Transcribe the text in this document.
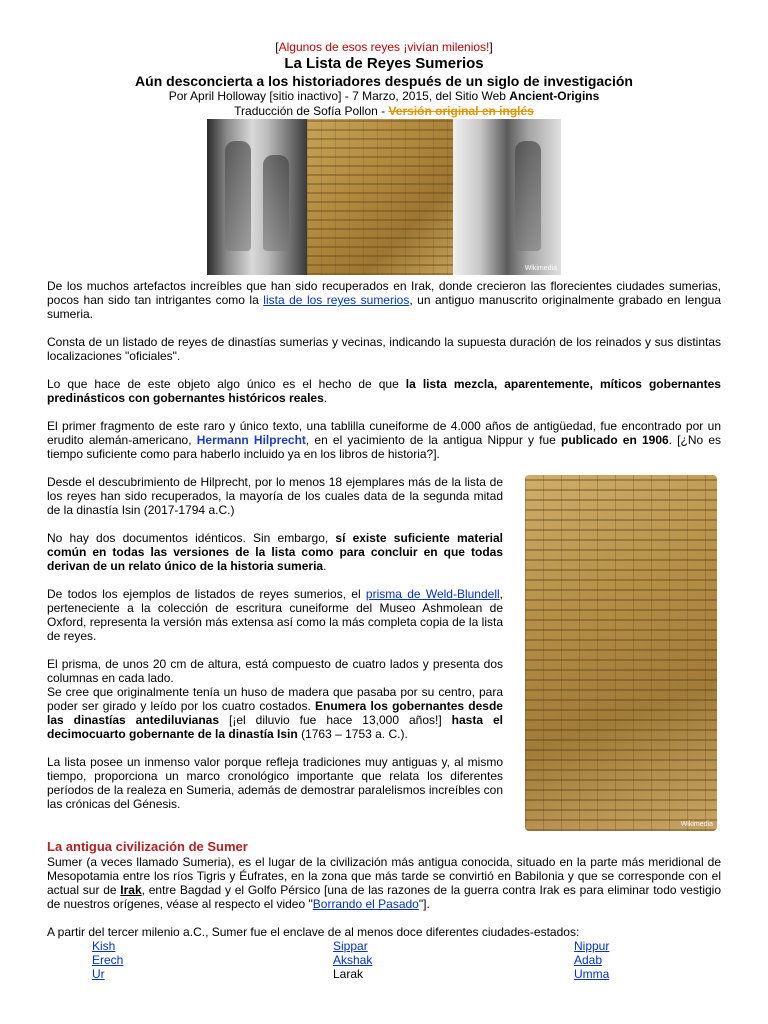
[Algunos de esos reyes ¡vivían milenios!]
La Lista de Reyes Sumerios
Aún desconcierta a los historiadores después de un siglo de investigación
Por April Holloway [sitio inactivo] - 7 Marzo, 2015, del Sitio Web Ancient-Origins
Traducción de Sofía Pollon - Versión original en inglés
Wikimedia

De los muchos artefactos increíbles que han sido recuperados en Irak, donde crecieron las florecientes ciudades sumerias, pocos han sido tan intrigantes como la lista de los reyes sumerios, un antiguo manuscrito originalmente grabado en lengua sumeria.

Consta de un listado de reyes de dinastías sumerias y vecinas, indicando la supuesta duración de los reinados y sus distintas localizaciones "oficiales".

Lo que hace de este objeto algo único es el hecho de que la lista mezcla, aparentemente, míticos gobernantes predinásticos con gobernantes históricos reales.

El primer fragmento de este raro y único texto, una tablilla cuneiforme de 4.000 años de antigüedad, fue encontrado por un erudito alemán-americano, Hermann Hilprecht, en el yacimiento de la antigua Nippur y fue publicado en 1906. [¿No es tiempo suficiente como para haberlo incluido ya en los libros de historia?].

Desde el descubrimiento de Hilprecht, por lo menos 18 ejemplares más de la lista de los reyes han sido recuperados, la mayoría de los cuales data de la segunda mitad de la dinastía Isin (2017-1794 a.C.)

No hay dos documentos idénticos. Sin embargo, sí existe suficiente material común en todas las versiones de la lista como para concluir en que todas derivan de un relato único de la historia sumeria.

De todos los ejemplos de listados de reyes sumerios, el prisma de Weld-Blundell, perteneciente a la colección de escritura cuneiforme del Museo Ashmolean de Oxford, representa la versión más extensa así como la más completa copia de la lista de reyes.

El prisma, de unos 20 cm de altura, está compuesto de cuatro lados y presenta dos columnas en cada lado.

Se cree que originalmente tenía un huso de madera que pasaba por su centro, para poder ser girado y leído por los cuatro costados. Enumera los gobernantes desde las dinastías antediluvianas [¡el diluvio fue hace 13,000 años!] hasta el decimocuarto gobernante de la dinastía Isin (1763 – 1753 a. C.).

La lista posee un inmenso valor porque refleja tradiciones muy antiguas y, al mismo tiempo, proporciona un marco cronológico importante que relata los diferentes períodos de la realeza en Sumeria, además de demostrar paralelismos increíbles con las crónicas del Génesis.

Wikimedia
La antigua civilización de Sumer

Sumer (a veces llamado Sumeria), es el lugar de la civilización más antigua conocida, situado en la parte más meridional de Mesopotamia entre los ríos Tigris y Éufrates, en la zona que más tarde se convirtió en Babilonia y que se corresponde con el actual sur de Irak, entre Bagdad y el Golfo Pérsico [una de las razones de la guerra contra Irak es para eliminar todo vestigio de nuestros orígenes, véase al respecto el video "Borrando el Pasado"].

A partir del tercer milenio a.C., Sumer fue el enclave de al menos doce diferentes ciudades-estados:

Kish	Sippar	Nippur
Erech	Akshak	Adab
Ur	Larak	Umma
